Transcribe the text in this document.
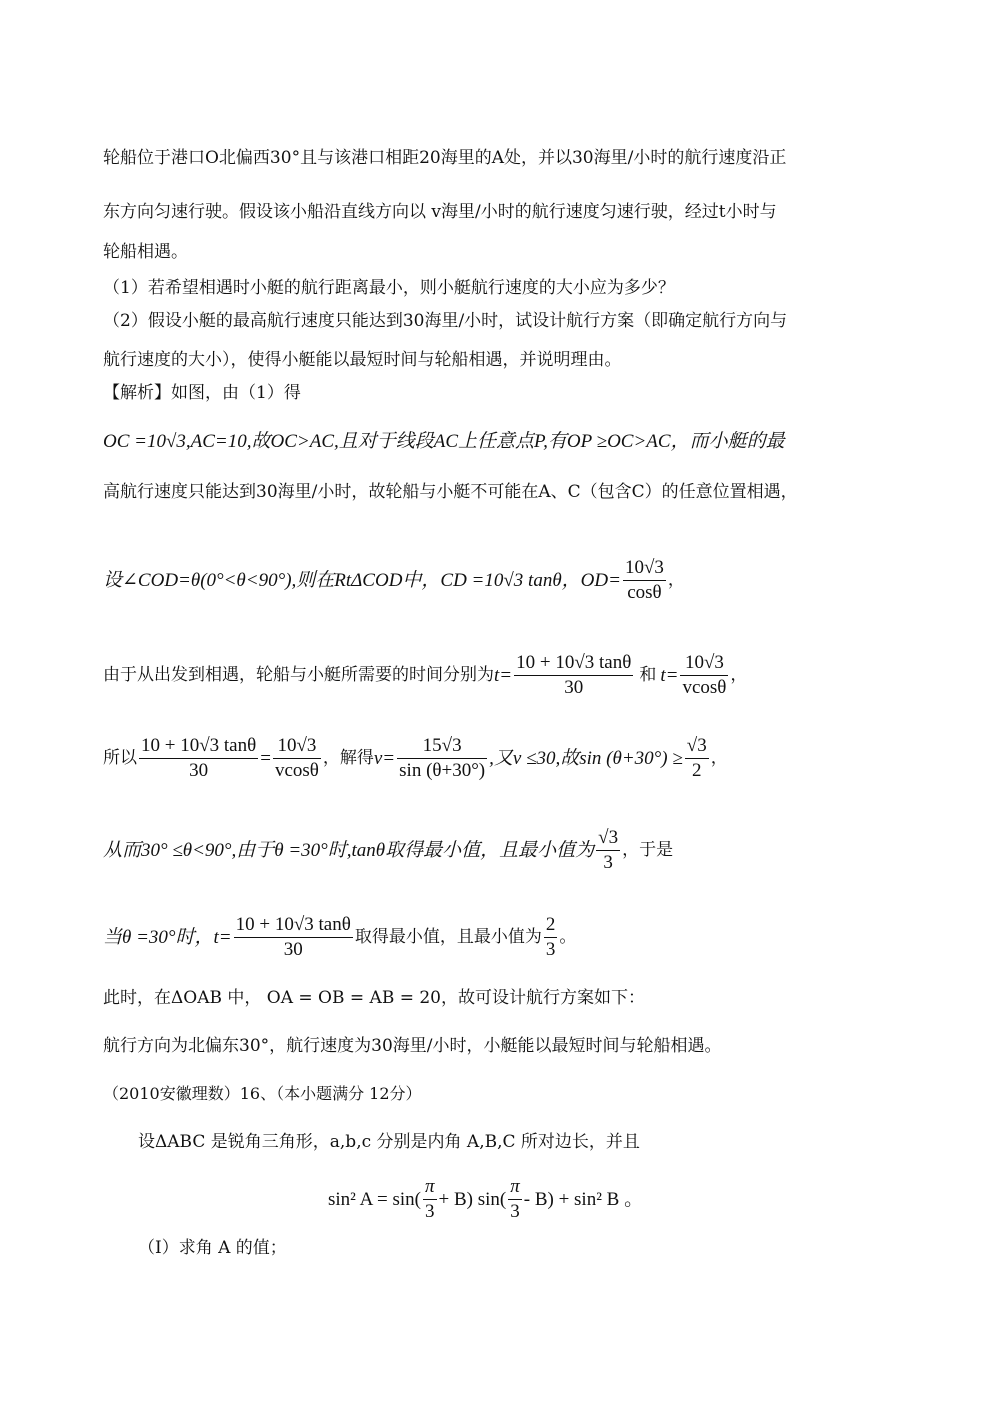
轮船位于港口O北偏西30°且与该港口相距20海里的A处，并以30海里/小时的航行速度沿正
东方向匀速行驶。假设该小船沿直线方向以 v海里/小时的航行速度匀速行驶，经过t小时与
轮船相遇。
（1）若希望相遇时小艇的航行距离最小，则小艇航行速度的大小应为多少？
（2）假设小艇的最高航行速度只能达到30海里/小时，试设计航行方案（即确定航行方向与
航行速度的大小），使得小艇能以最短时间与轮船相遇，并说明理由。
【解析】如图，由（1）得
OC =10√3,AC=10,故OC>AC,且对于线段AC上任意点P,有OP ≥OC>AC，而小艇的最
高航行速度只能达到30海里/小时，故轮船与小艇不可能在A、C（包含C）的任意位置相遇，
设∠COD=θ(0°<θ<90°),则在RtΔCOD中，CD =10√3 tanθ，$OD= \frac{10√3}{\cos\theta}$ ，
由于从出发到相遇，轮船与小艇所需要的时间分别为 $t= \frac{10 + 10√3 \tan\theta}{30}$ 和 $t= \frac{10√3}{vcos\theta}$ ，
所以 $\frac{10 + 10√3 \tan\theta}{30} = \frac{10√3}{vcos\theta}$ ，解得 $v= \frac{15√3}{\sin (\theta+30^\circ)}$ ,又v ≤30,故$\sin (\theta+30^\circ) \ge \frac{√3}{2}$ ，
从而30° ≤θ<90°,由于θ =30°时,tanθ取得最小值，且最小值为 $\frac{√3}{3}$ ，于是
当θ =30°时，$t= \frac{10 + 10√3 \tan\theta}{30}$ 取得最小值，且最小值为 $\frac{2}{3}$ 。
此时，在ΔOAB 中， OA = OB = AB = 20，故可设计航行方案如下：
航行方向为北偏东30°，航行速度为30海里/小时，小艇能以最短时间与轮船相遇。
（2010安徽理数）16、（本小题满分 12分）
设ΔABC 是锐角三角形，a,b,c 分别是内角 A,B,C 所对边长，并且
sin² $A = \sin( \frac{\pi}{3} + B)$ $\sin( \frac{\pi}{3} - B) + \sin^2$ B 。
（I）求角 A 的值；
